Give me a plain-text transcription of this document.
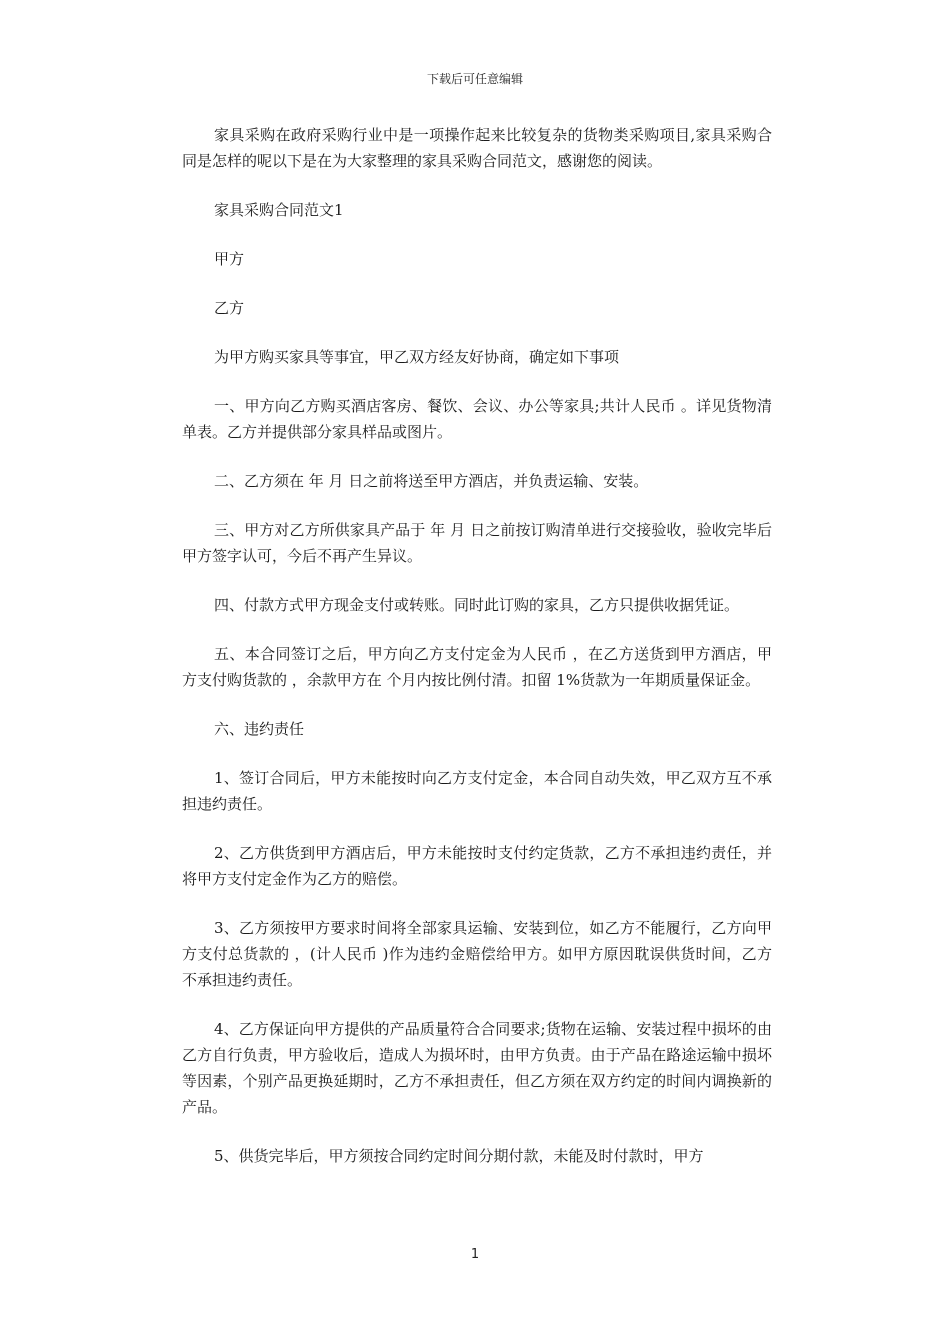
下载后可任意编辑

家具采购在政府采购行业中是一项操作起来比较复杂的货物类采购项目,家具采购合同是怎样的呢以下是在为大家整理的家具采购合同范文，感谢您的阅读。

家具采购合同范文1

甲方

乙方

为甲方购买家具等事宜，甲乙双方经友好协商，确定如下事项

一、甲方向乙方购买酒店客房、餐饮、会议、办公等家具;共计人民币 。详见货物清单表。乙方并提供部分家具样品或图片。

二、乙方须在 年 月 日之前将送至甲方酒店，并负责运输、安装。

三、甲方对乙方所供家具产品于 年 月 日之前按订购清单进行交接验收，验收完毕后甲方签字认可，今后不再产生异议。

四、付款方式甲方现金支付或转账。同时此订购的家具，乙方只提供收据凭证。

五、本合同签订之后，甲方向乙方支付定金为人民币 ，在乙方送货到甲方酒店，甲方支付购货款的 ，余款甲方在 个月内按比例付清。扣留 1%货款为一年期质量保证金。

六、违约责任

1、签订合同后，甲方未能按时向乙方支付定金，本合同自动失效，甲乙双方互不承担违约责任。

2、乙方供货到甲方酒店后，甲方未能按时支付约定货款，乙方不承担违约责任，并将甲方支付定金作为乙方的赔偿。

3、乙方须按甲方要求时间将全部家具运输、安装到位，如乙方不能履行，乙方向甲方支付总货款的 ，(计人民币 )作为违约金赔偿给甲方。如甲方原因耽误供货时间，乙方不承担违约责任。

4、乙方保证向甲方提供的产品质量符合合同要求;货物在运输、安装过程中损坏的由乙方自行负责，甲方验收后，造成人为损坏时，由甲方负责。由于产品在路途运输中损坏等因素，个别产品更换延期时，乙方不承担责任，但乙方须在双方约定的时间内调换新的产品。

5、供货完毕后，甲方须按合同约定时间分期付款，未能及时付款时，甲方

1
